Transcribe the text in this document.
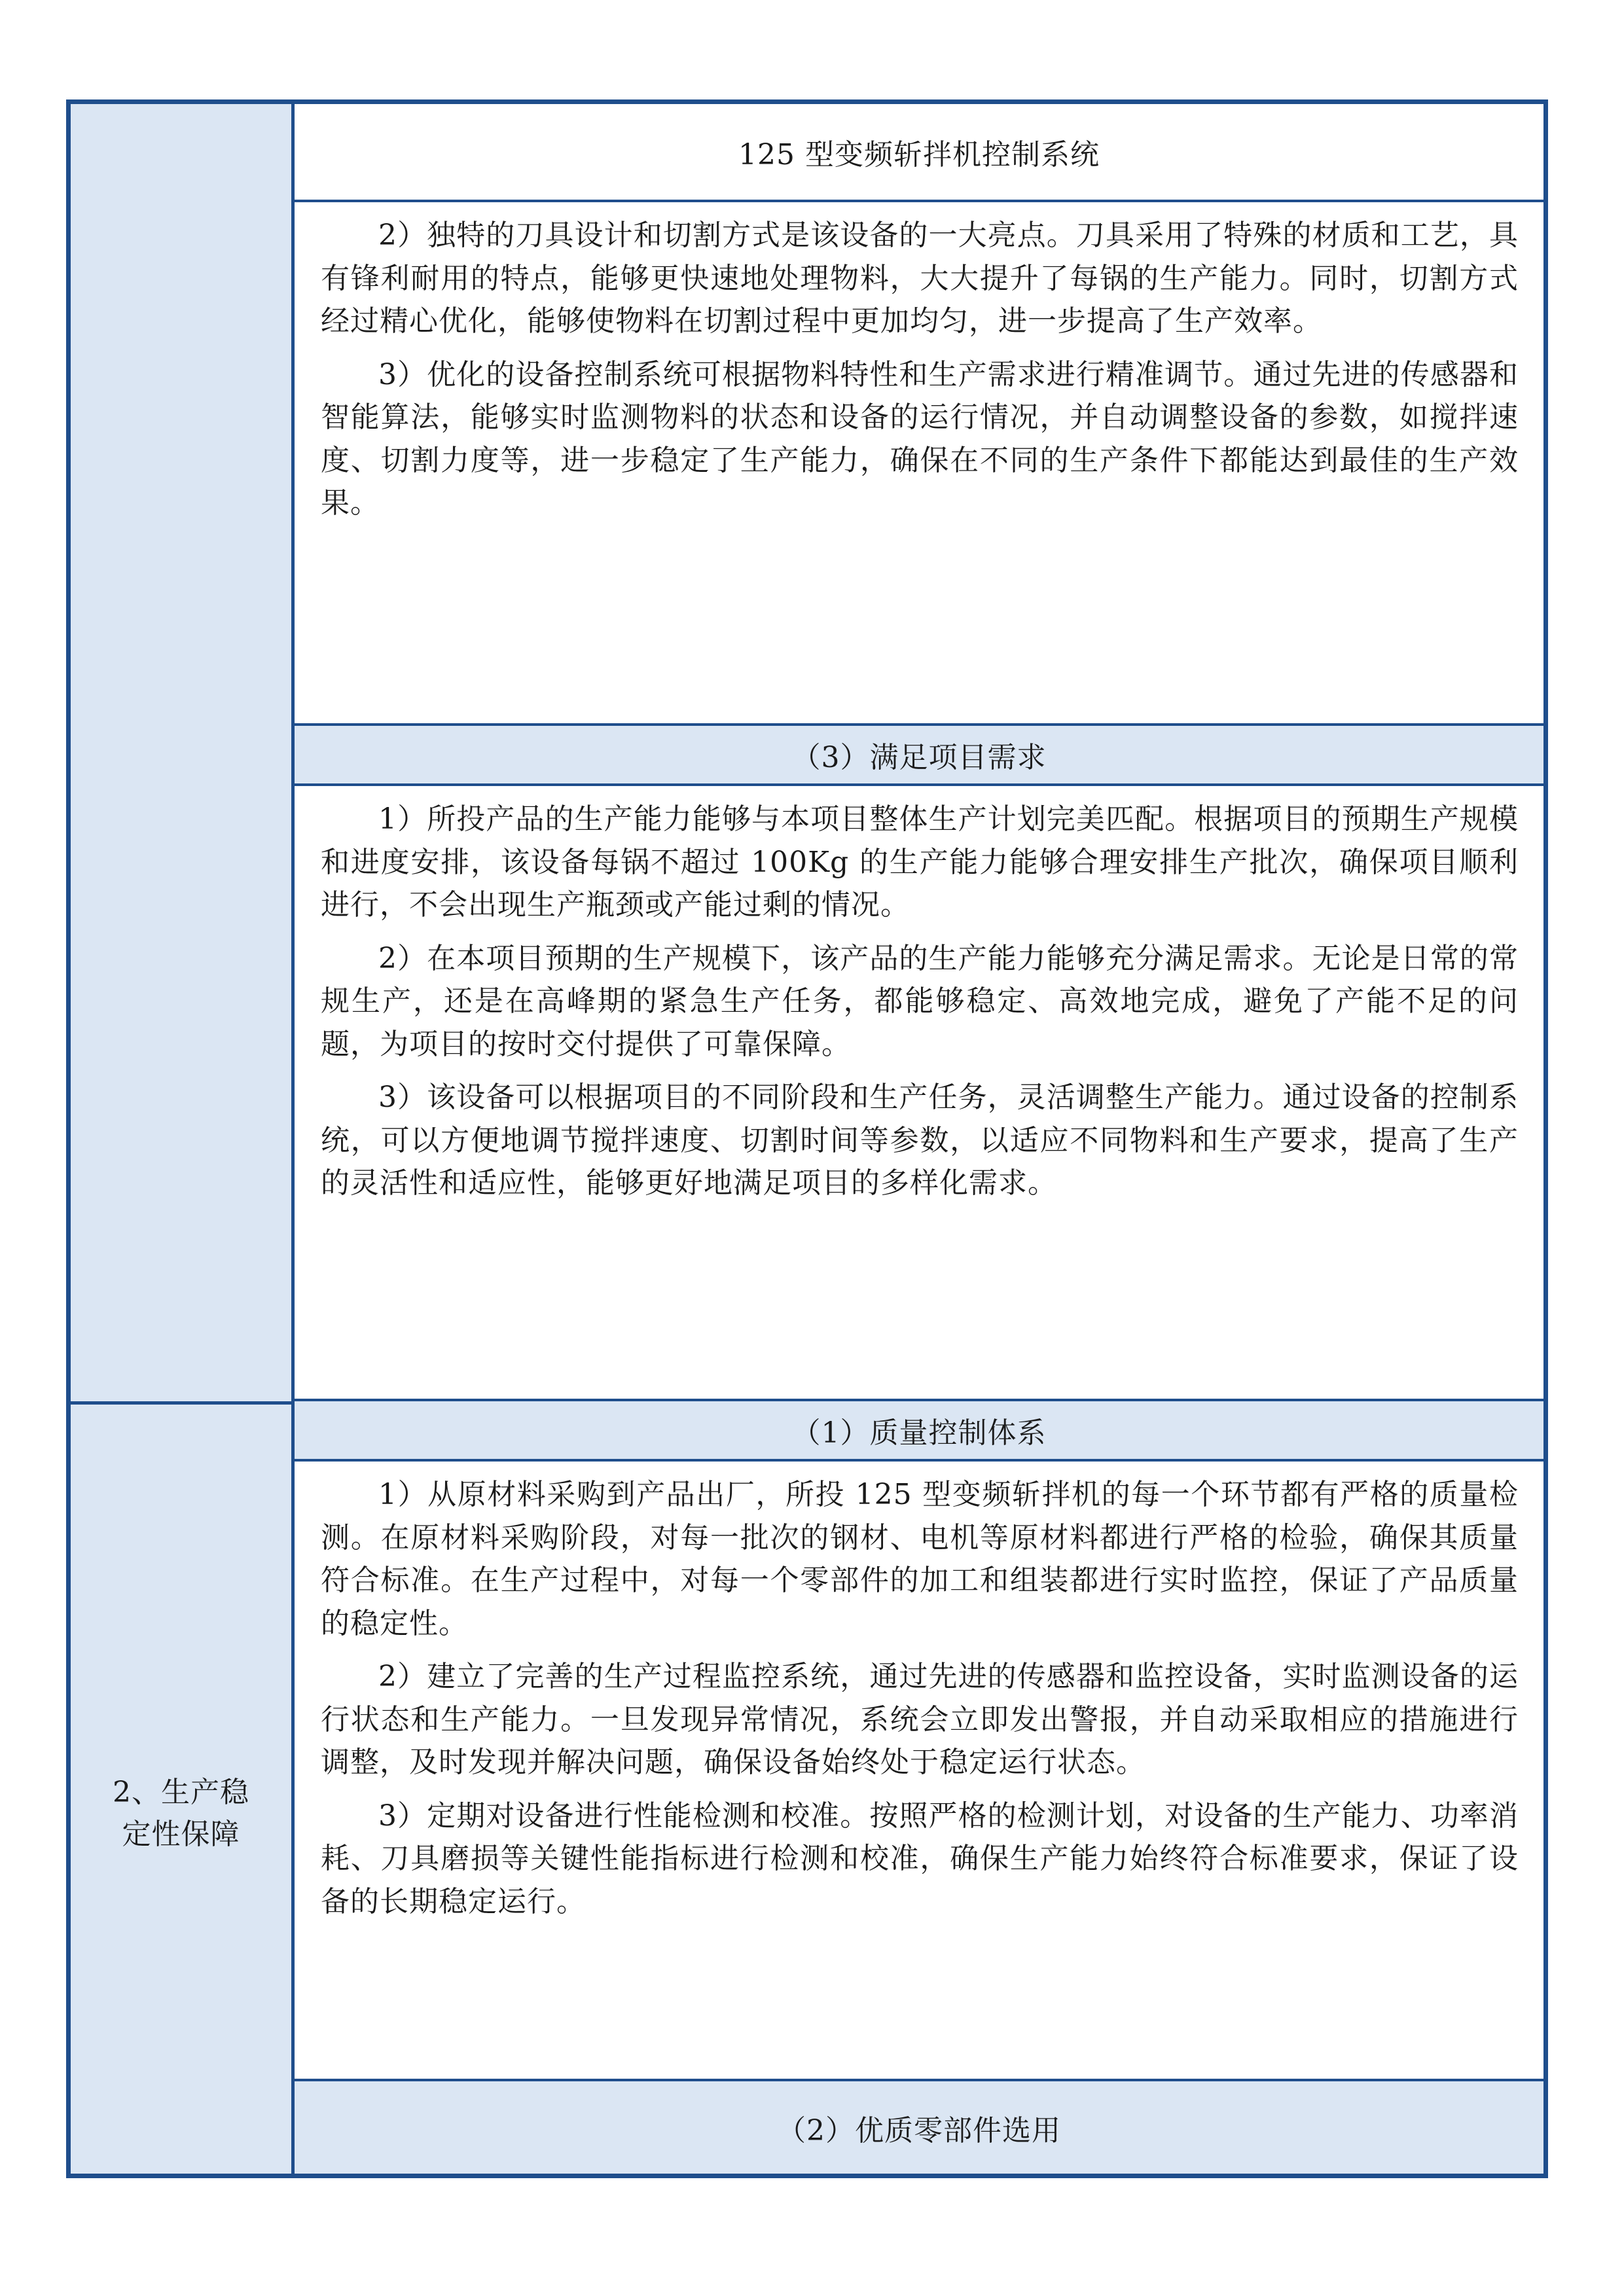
2、生产稳
定性保障
125 型变频斩拌机控制系统

2）独特的刀具设计和切割方式是该设备的一大亮点。刀具采用了特殊的材质和工艺，具有锋利耐用的特点，能够更快速地处理物料，大大提升了每锅的生产能力。同时，切割方式经过精心优化，能够使物料在切割过程中更加均匀，进一步提高了生产效率。

3）优化的设备控制系统可根据物料特性和生产需求进行精准调节。通过先进的传感器和智能算法，能够实时监测物料的状态和设备的运行情况，并自动调整设备的参数，如搅拌速度、切割力度等，进一步稳定了生产能力，确保在不同的生产条件下都能达到最佳的生产效果。

（3）满足项目需求

1）所投产品的生产能力能够与本项目整体生产计划完美匹配。根据项目的预期生产规模和进度安排，该设备每锅不超过 100Kg 的生产能力能够合理安排生产批次，确保项目顺利进行，不会出现生产瓶颈或产能过剩的情况。

2）在本项目预期的生产规模下，该产品的生产能力能够充分满足需求。无论是日常的常规生产，还是在高峰期的紧急生产任务，都能够稳定、高效地完成，避免了产能不足的问题，为项目的按时交付提供了可靠保障。

3）该设备可以根据项目的不同阶段和生产任务，灵活调整生产能力。通过设备的控制系统，可以方便地调节搅拌速度、切割时间等参数，以适应不同物料和生产要求，提高了生产的灵活性和适应性，能够更好地满足项目的多样化需求。

（1）质量控制体系

1）从原材料采购到产品出厂，所投 125 型变频斩拌机的每一个环节都有严格的质量检测。在原材料采购阶段，对每一批次的钢材、电机等原材料都进行严格的检验，确保其质量符合标准。在生产过程中，对每一个零部件的加工和组装都进行实时监控，保证了产品质量的稳定性。

2）建立了完善的生产过程监控系统，通过先进的传感器和监控设备，实时监测设备的运行状态和生产能力。一旦发现异常情况，系统会立即发出警报，并自动采取相应的措施进行调整，及时发现并解决问题，确保设备始终处于稳定运行状态。

3）定期对设备进行性能检测和校准。按照严格的检测计划，对设备的生产能力、功率消耗、刀具磨损等关键性能指标进行检测和校准，确保生产能力始终符合标准要求，保证了设备的长期稳定运行。

（2）优质零部件选用
